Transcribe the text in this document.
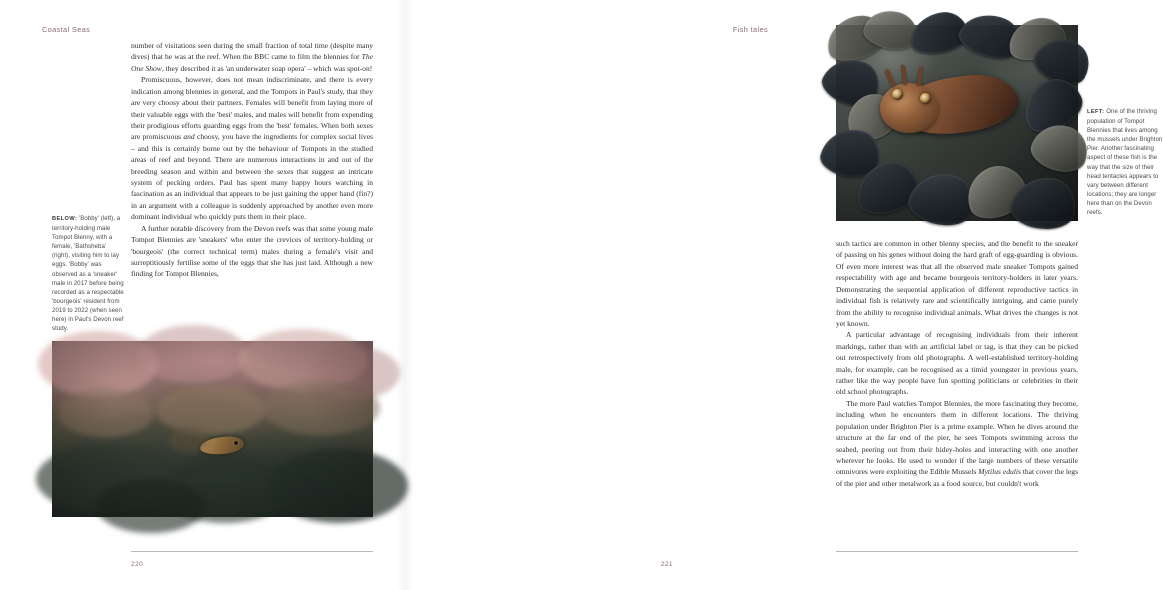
Coastal Seas

number of visitations seen during the small fraction of total time (despite many dives) that he was at the reef. When the BBC came to film the blennies for The One Show, they described it as 'an underwater soap opera' – which was spot-on!

Promiscuous, however, does not mean indiscriminate, and there is every indication among blennies in general, and the Tompots in Paul's study, that they are very choosy about their partners. Females will benefit from laying more of their valuable eggs with the 'best' males, and males will benefit from expending their prodigious efforts guarding eggs from the 'best' females. When both sexes are promiscuous and choosy, you have the ingredients for complex social lives – and this is certainly borne out by the behaviour of Tompots in the studied areas of reef and beyond. There are numerous interactions in and out of the breeding season and within and between the sexes that suggest an intricate system of pecking orders. Paul has spent many happy hours watching in fascination as an individual that appears to be just gaining the upper hand (fin?) in an argument with a colleague is suddenly approached by another even more dominant individual who quickly puts them in their place.

A further notable discovery from the Devon reefs was that some young male Tompot Blennies are 'sneakers' who enter the crevices of territory-holding or 'bourgeois' (the correct technical term) males during a female's visit and surreptitiously fertilise some of the eggs that she has just laid. Although a new finding for Tompot Blennies,

BELOW: 'Bobby' (left), a territory-holding male Tompot Blenny, with a female, 'Bathsheba' (right), visiting him to lay eggs. 'Bobby' was observed as a 'sneaker' male in 2017 before being recorded as a respectable 'bourgeois' resident from 2019 to 2022 (when seen here) in Paul's Devon reef study.
220
Fish tales
LEFT: One of the thriving population of Tompot Blennies that lives among the mussels under Brighton Pier. Another fascinating aspect of these fish is the way that the size of their head tentacles appears to vary between different locations; they are longer here than on the Devon reefs.

such tactics are common in other blenny species, and the benefit to the sneaker of passing on his genes without doing the hard graft of egg-guarding is obvious. Of even more interest was that all the observed male sneaker Tompots gained respectability with age and became bourgeois territory-holders in later years. Demonstrating the sequential application of different reproductive tactics in individual fish is relatively rare and scientifically intriguing, and came purely from the ability to recognise individual animals. What drives the changes is not yet known.

A particular advantage of recognising individuals from their inherent markings, rather than with an artificial label or tag, is that they can be picked out retrospectively from old photographs. A well-established territory-holding male, for example, can be recognised as a timid youngster in previous years, rather like the way people have fun spotting politicians or celebrities in their old school photographs.

The more Paul watches Tompot Blennies, the more fascinating they become, including when he encounters them in different locations. The thriving population under Brighton Pier is a prime example. When he dives around the structure at the far end of the pier, he sees Tompots swimming across the seabed, peering out from their hidey-holes and interacting with one another wherever he looks. He used to wonder if the large numbers of these versatile omnivores were exploiting the Edible Mussels Mytilus edulis that cover the legs of the pier and other metalwork as a food source, but couldn't work

221
